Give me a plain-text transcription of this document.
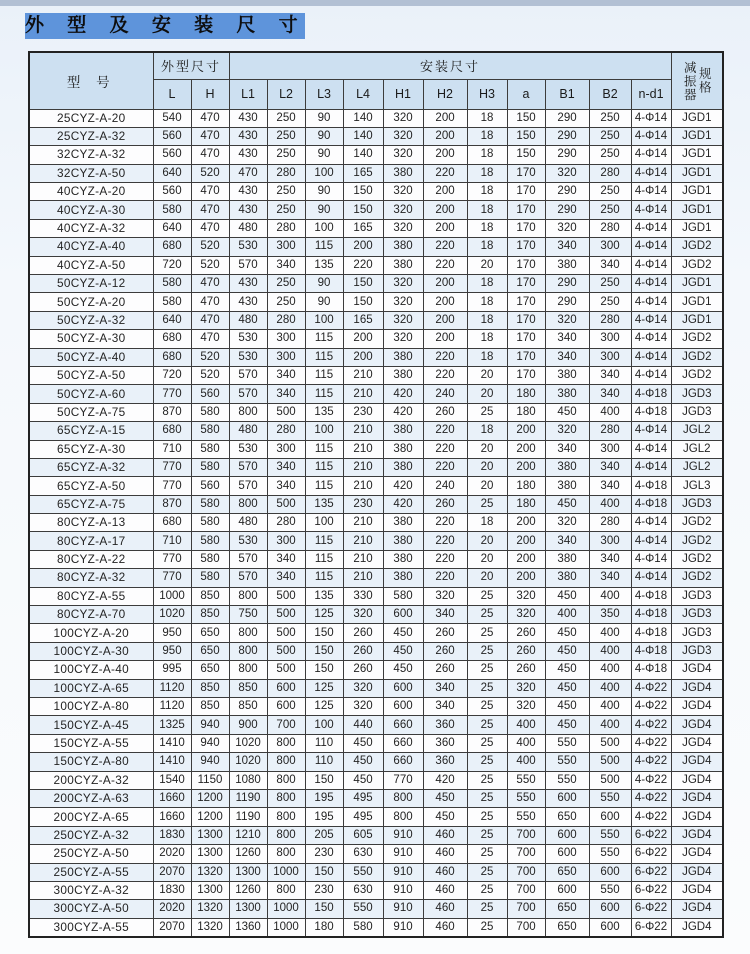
外 型 及 安 装 尺 寸
型 号	外型尺寸		安装尺寸											减振器 规格

	L	H	L1	L2	L3	L4	H1	H2	H3	a	B1	B2	n-d1	
25CYZ-A-20	540	470	430	250	90	140	320	200	18	150	290	250	4-Φ14	JGD1
25CYZ-A-32	560	470	430	250	90	140	320	200	18	150	290	250	4-Φ14	JGD1
32CYZ-A-32	560	470	430	250	90	140	320	200	18	150	290	250	4-Φ14	JGD1
32CYZ-A-50	640	520	470	280	100	165	380	220	18	170	320	280	4-Φ14	JGD1
40CYZ-A-20	560	470	430	250	90	150	320	200	18	170	290	250	4-Φ14	JGD1
40CYZ-A-30	580	470	430	250	90	150	320	200	18	170	290	250	4-Φ14	JGD1
40CYZ-A-32	640	470	480	280	100	165	320	200	18	170	320	280	4-Φ14	JGD1
40CYZ-A-40	680	520	530	300	115	200	380	220	18	170	340	300	4-Φ14	JGD2
40CYZ-A-50	720	520	570	340	135	220	380	220	20	170	380	340	4-Φ14	JGD2
50CYZ-A-12	580	470	430	250	90	150	320	200	18	170	290	250	4-Φ14	JGD1
50CYZ-A-20	580	470	430	250	90	150	320	200	18	170	290	250	4-Φ14	JGD1
50CYZ-A-32	640	470	480	280	100	165	320	200	18	170	320	280	4-Φ14	JGD1
50CYZ-A-30	680	470	530	300	115	200	320	200	18	170	340	300	4-Φ14	JGD2
50CYZ-A-40	680	520	530	300	115	200	380	220	18	170	340	300	4-Φ14	JGD2
50CYZ-A-50	720	520	570	340	115	210	380	220	20	170	380	340	4-Φ14	JGD2
50CYZ-A-60	770	560	570	340	115	210	420	240	20	180	380	340	4-Φ18	JGD3
50CYZ-A-75	870	580	800	500	135	230	420	260	25	180	450	400	4-Φ18	JGD3
65CYZ-A-15	680	580	480	280	100	210	380	220	18	200	320	280	4-Φ14	JGL2
65CYZ-A-30	710	580	530	300	115	210	380	220	20	200	340	300	4-Φ14	JGL2
65CYZ-A-32	770	580	570	340	115	210	380	220	20	200	380	340	4-Φ14	JGL2
65CYZ-A-50	770	560	570	340	115	210	420	240	20	180	380	340	4-Φ18	JGL3
65CYZ-A-75	870	580	800	500	135	230	420	260	25	180	450	400	4-Φ18	JGD3
80CYZ-A-13	680	580	480	280	100	210	380	220	18	200	320	280	4-Φ14	JGD2
80CYZ-A-17	710	580	530	300	115	210	380	220	20	200	340	300	4-Φ14	JGD2
80CYZ-A-22	770	580	570	340	115	210	380	220	20	200	380	340	4-Φ14	JGD2
80CYZ-A-32	770	580	570	340	115	210	380	220	20	200	380	340	4-Φ14	JGD2
80CYZ-A-55	1000	850	800	500	135	330	580	320	25	320	450	400	4-Φ18	JGD3
80CYZ-A-70	1020	850	750	500	125	320	600	340	25	320	400	350	4-Φ18	JGD3
100CYZ-A-20	950	650	800	500	150	260	450	260	25	260	450	400	4-Φ18	JGD3
100CYZ-A-30	950	650	800	500	150	260	450	260	25	260	450	400	4-Φ18	JGD3
100CYZ-A-40	995	650	800	500	150	260	450	260	25	260	450	400	4-Φ18	JGD4
100CYZ-A-65	1120	850	850	600	125	320	600	340	25	320	450	400	4-Φ22	JGD4
100CYZ-A-80	1120	850	850	600	125	320	600	340	25	320	450	400	4-Φ22	JGD4
150CYZ-A-45	1325	940	900	700	100	440	660	360	25	400	450	400	4-Φ22	JGD4
150CYZ-A-55	1410	940	1020	800	110	450	660	360	25	400	550	500	4-Φ22	JGD4
150CYZ-A-80	1410	940	1020	800	110	450	660	360	25	400	550	500	4-Φ22	JGD4
200CYZ-A-32	1540	1150	1080	800	150	450	770	420	25	550	550	500	4-Φ22	JGD4
200CYZ-A-63	1660	1200	1190	800	195	495	800	450	25	550	600	550	4-Φ22	JGD4
200CYZ-A-65	1660	1200	1190	800	195	495	800	450	25	550	650	600	4-Φ22	JGD4
250CYZ-A-32	1830	1300	1210	800	205	605	910	460	25	700	600	550	6-Φ22	JGD4
250CYZ-A-50	2020	1300	1260	800	230	630	910	460	25	700	600	550	6-Φ22	JGD4
250CYZ-A-55	2070	1320	1300	1000	150	550	910	460	25	700	650	600	6-Φ22	JGD4
300CYZ-A-32	1830	1300	1260	800	230	630	910	460	25	700	600	550	6-Φ22	JGD4
300CYZ-A-50	2020	1320	1300	1000	150	550	910	460	25	700	650	600	6-Φ22	JGD4
300CYZ-A-55	2070	1320	1360	1000	180	580	910	460	25	700	650	600	6-Φ22	JGD4
